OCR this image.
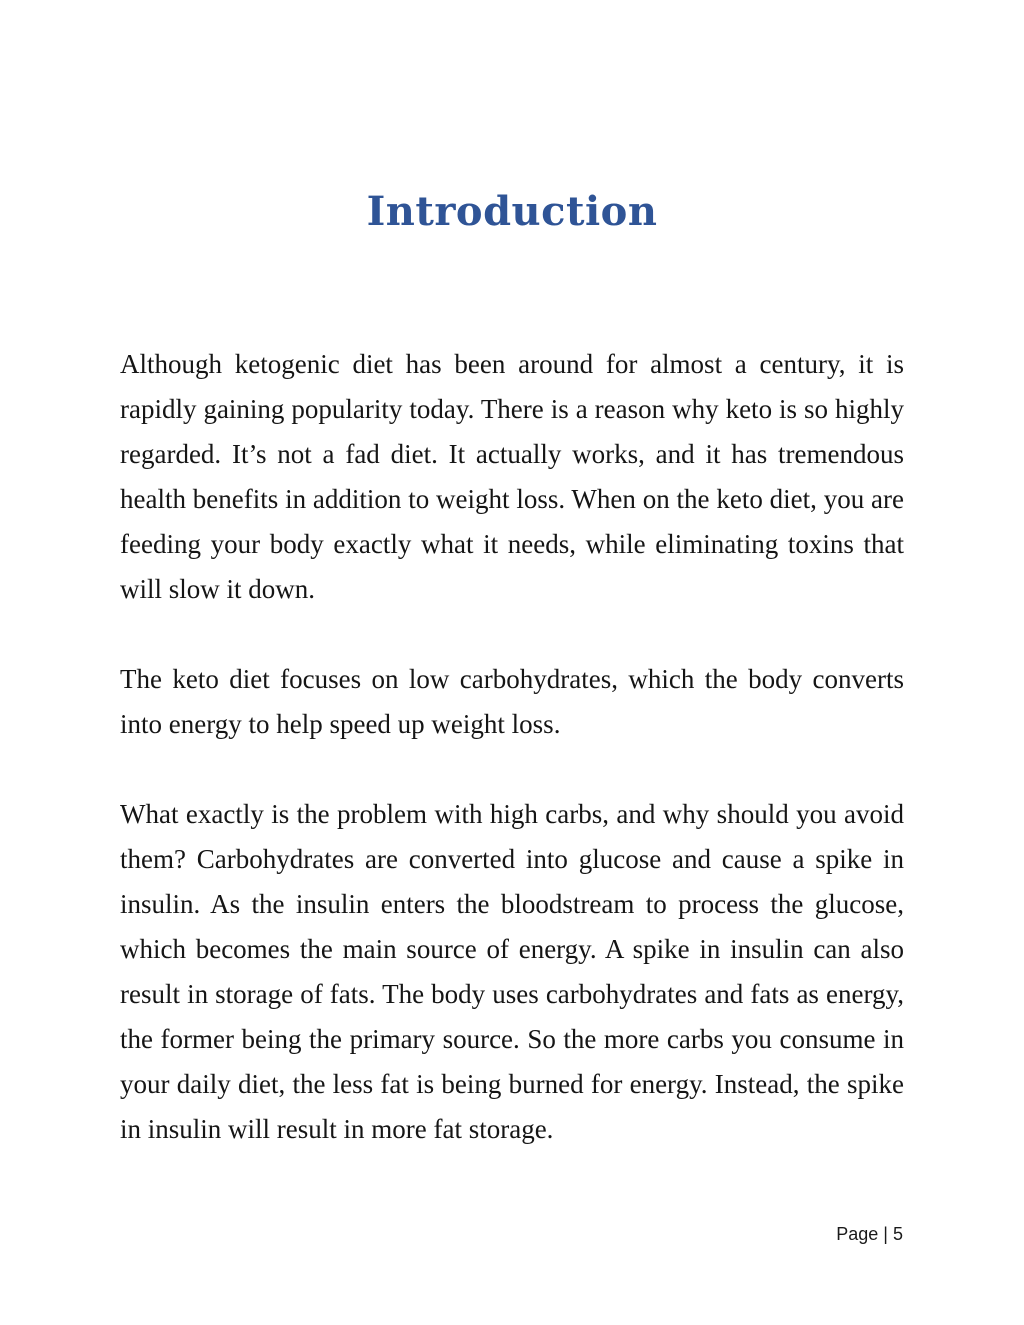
Introduction

Although ketogenic diet has been around for almost a century, it is rapidly gaining popularity today. There is a reason why keto is so highly regarded. It’s not a fad diet. It actually works, and it has tremendous health benefits in addition to weight loss. When on the keto diet, you are feeding your body exactly what it needs, while eliminating toxins that will slow it down.

The keto diet focuses on low carbohydrates, which the body converts into energy to help speed up weight loss.

What exactly is the problem with high carbs, and why should you avoid them? Carbohydrates are converted into glucose and cause a spike in insulin. As the insulin enters the bloodstream to process the glucose, which becomes the main source of energy. A spike in insulin can also result in storage of fats. The body uses carbohydrates and fats as energy, the former being the primary source. So the more carbs you consume in your daily diet, the less fat is being burned for energy. Instead, the spike in insulin will result in more fat storage.

Page | 5
